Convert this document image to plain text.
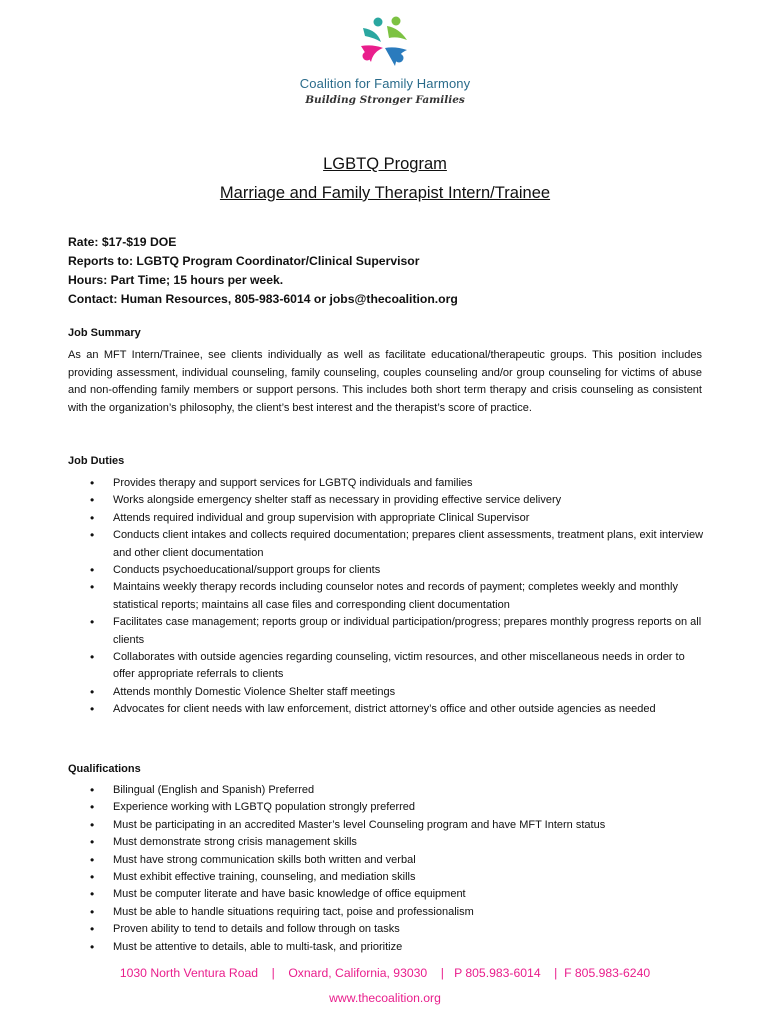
Coalition for Family Harmony
Building Stronger Families
LGBTQ Program
Marriage and Family Therapist Intern/Trainee
Rate: $17-$19 DOE
Reports to: LGBTQ Program Coordinator/Clinical Supervisor
Hours: Part Time; 15 hours per week.
Contact: Human Resources, 805-983-6014 or jobs@thecoalition.org
Job Summary
As an MFT Intern/Trainee, see clients individually as well as facilitate educational/therapeutic groups. This position includes providing assessment, individual counseling, family counseling, couples counseling and/or group counseling for victims of abuse and non-offending family members or support persons. This includes both short term therapy and crisis counseling as consistent with the organization’s philosophy, the client’s best interest and the therapist’s score of practice.
Job Duties
• Provides therapy and support services for LGBTQ individuals and families
• Works alongside emergency shelter staff as necessary in providing effective service delivery
• Attends required individual and group supervision with appropriate Clinical Supervisor
• Conducts client intakes and collects required documentation; prepares client assessments, treatment plans, exit interview and other client documentation
• Conducts psychoeducational/support groups for clients
• Maintains weekly therapy records including counselor notes and records of payment; completes weekly and monthly statistical reports; maintains all case files and corresponding client documentation
• Facilitates case management; reports group or individual participation/progress; prepares monthly progress reports on all clients
• Collaborates with outside agencies regarding counseling, victim resources, and other miscellaneous needs in order to offer appropriate referrals to clients
• Attends monthly Domestic Violence Shelter staff meetings
• Advocates for client needs with law enforcement, district attorney’s office and other outside agencies as needed
Qualifications
• Bilingual (English and Spanish) Preferred
• Experience working with LGBTQ population strongly preferred
• Must be participating in an accredited Master’s level Counseling program and have MFT Intern status
• Must demonstrate strong crisis management skills
• Must have strong communication skills both written and verbal
• Must exhibit effective training, counseling, and mediation skills
• Must be computer literate and have basic knowledge of office equipment
• Must be able to handle situations requiring tact, poise and professionalism
• Proven ability to tend to details and follow through on tasks
• Must be attentive to details, able to multi-task, and prioritize
1030 North Ventura Road    |    Oxnard, California, 93030    |   P 805.983-6014    |  F 805.983-6240
www.thecoalition.org
